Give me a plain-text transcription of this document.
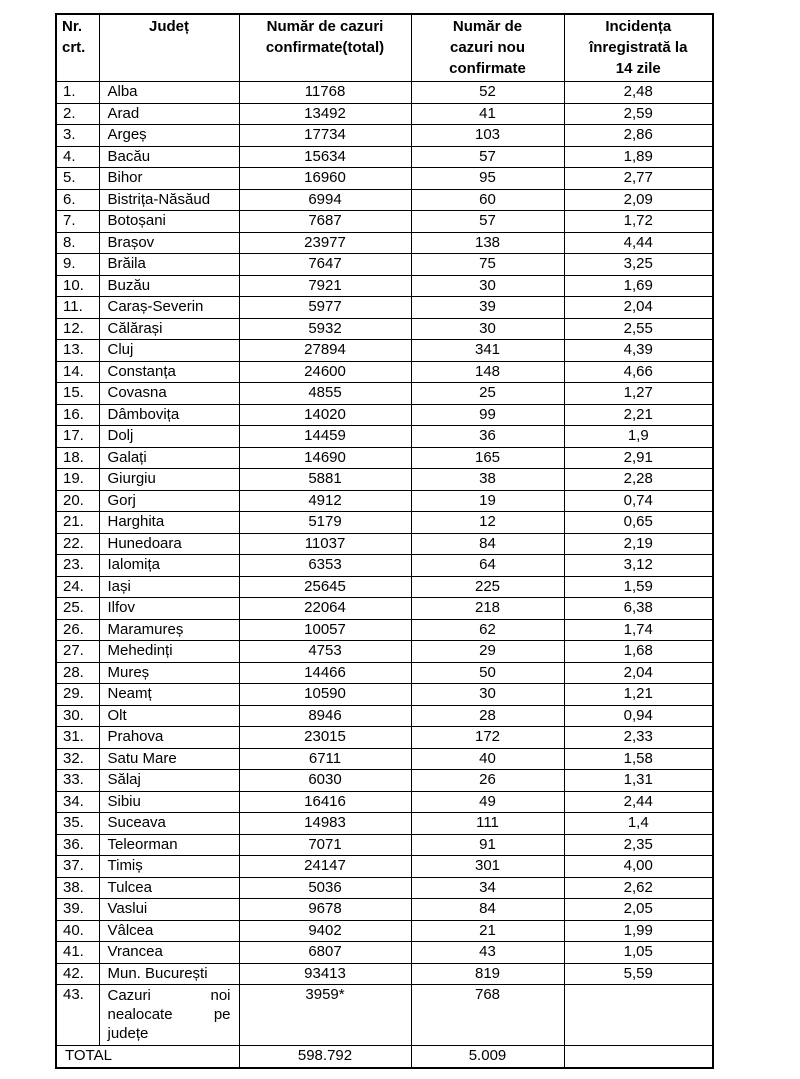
Nr. crt.	Județ	Număr de cazuri confirmate(total)	Număr de cazuri nou confirmate	Incidența înregistrată la 14 zile
1.	Alba	11768	52	2,48
2.	Arad	13492	41	2,59
3.	Argeș	17734	103	2,86
4.	Bacău	15634	57	1,89
5.	Bihor	16960	95	2,77
6.	Bistrița-Năsăud	6994	60	2,09
7.	Botoșani	7687	57	1,72
8.	Brașov	23977	138	4,44
9.	Brăila	7647	75	3,25
10.	Buzău	7921	30	1,69
11.	Caraș-Severin	5977	39	2,04
12.	Călărași	5932	30	2,55
13.	Cluj	27894	341	4,39
14.	Constanța	24600	148	4,66
15.	Covasna	4855	25	1,27
16.	Dâmbovița	14020	99	2,21
17.	Dolj	14459	36	1,9
18.	Galați	14690	165	2,91
19.	Giurgiu	5881	38	2,28
20.	Gorj	4912	19	0,74
21.	Harghita	5179	12	0,65
22.	Hunedoara	11037	84	2,19
23.	Ialomița	6353	64	3,12
24.	Iași	25645	225	1,59
25.	Ilfov	22064	218	6,38
26.	Maramureș	10057	62	1,74
27.	Mehedinți	4753	29	1,68
28.	Mureș	14466	50	2,04
29.	Neamț	10590	30	1,21
30.	Olt	8946	28	0,94
31.	Prahova	23015	172	2,33
32.	Satu Mare	6711	40	1,58
33.	Sălaj	6030	26	1,31
34.	Sibiu	16416	49	2,44
35.	Suceava	14983	111	1,4
36.	Teleorman	7071	91	2,35
37.	Timiș	24147	301	4,00
38.	Tulcea	5036	34	2,62
39.	Vaslui	9678	84	2,05
40.	Vâlcea	9402	21	1,99
41.	Vrancea	6807	43	1,05
42.	Mun. București	93413	819	5,59
43.	Cazuri noi nealocate pe județe	3959*	768	
TOTAL		598.792	5.009	
